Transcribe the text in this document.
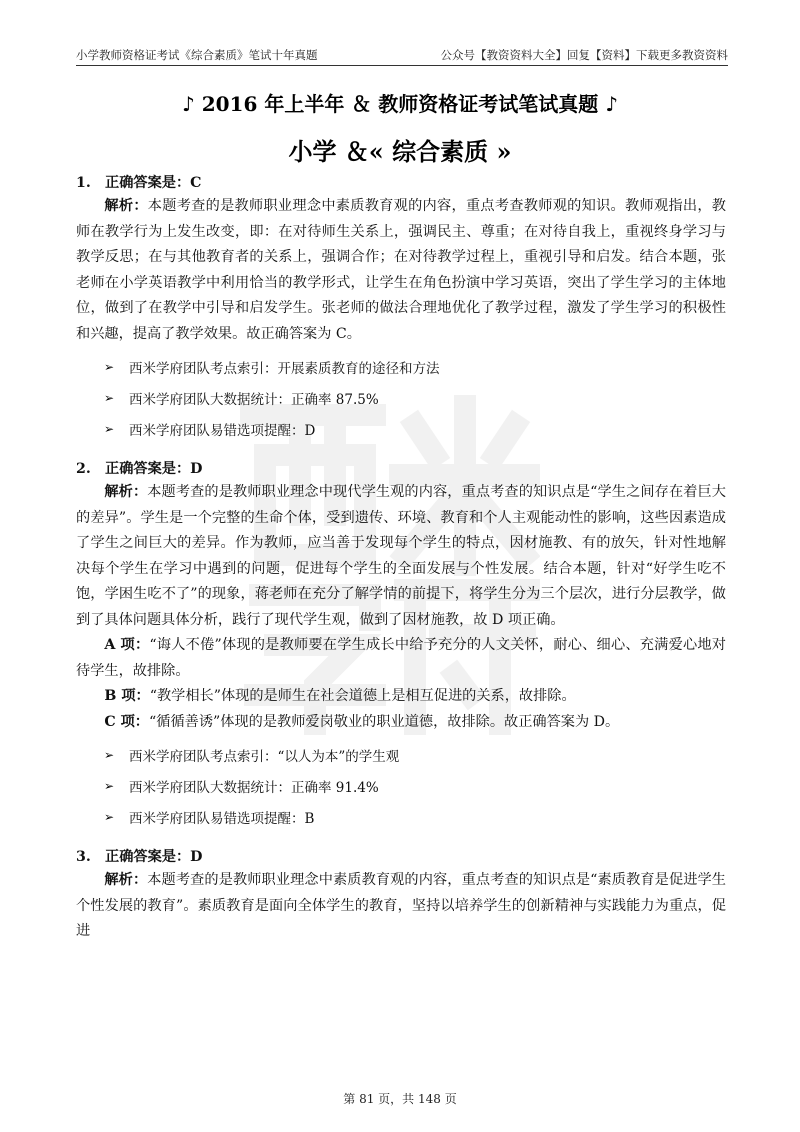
小学教师资格证考试《综合素质》笔试十年真题	公众号【教资资料大全】回复【资料】下载更多教资资料
♪ 2016 年上半年 ＆ 教师资格证考试笔试真题 ♪
小学 ＆« 综合素质 »
1. 正确答案是：C

解析：本题考查的是教师职业理念中素质教育观的内容，重点考查教师观的知识。教师观指出，教师在教学行为上发生改变，即：在对待师生关系上，强调民主、尊重；在对待自我上，重视终身学习与教学反思；在与其他教育者的关系上，强调合作；在对待教学过程上，重视引导和启发。结合本题，张老师在小学英语教学中利用恰当的教学形式，让学生在角色扮演中学习英语，突出了学生学习的主体地位，做到了在教学中引导和启发学生。张老师的做法合理地优化了教学过程，激发了学生学习的积极性和兴趣，提高了教学效果。故正确答案为 C。

➢	西米学府团队考点索引：开展素质教育的途径和方法
➢	西米学府团队大数据统计：正确率 87.5%
➢	西米学府团队易错选项提醒：D
2. 正确答案是：D

解析：本题考查的是教师职业理念中现代学生观的内容，重点考查的知识点是“学生之间存在着巨大的差异”。学生是一个完整的生命个体，受到遗传、环境、教育和个人主观能动性的影响，这些因素造成了学生之间巨大的差异。作为教师，应当善于发现每个学生的特点，因材施教、有的放矢，针对性地解决每个学生在学习中遇到的问题，促进每个学生的全面发展与个性发展。结合本题，针对“好学生吃不饱，学困生吃不了”的现象，蒋老师在充分了解学情的前提下，将学生分为三个层次，进行分层教学，做到了具体问题具体分析，践行了现代学生观，做到了因材施教，故 D 项正确。

A 项：“诲人不倦”体现的是教师要在学生成长中给予充分的人文关怀，耐心、细心、充满爱心地对待学生，故排除。

B 项：“教学相长”体现的是师生在社会道德上是相互促进的关系，故排除。

C 项：“循循善诱”体现的是教师爱岗敬业的职业道德，故排除。故正确答案为 D。

➢	西米学府团队考点索引：“以人为本”的学生观
➢	西米学府团队大数据统计：正确率 91.4%
➢	西米学府团队易错选项提醒：B
3. 正确答案是：D

解析：本题考查的是教师职业理念中素质教育观的内容，重点考查的知识点是“素质教育是促进学生个性发展的教育”。素质教育是面向全体学生的教育，坚持以培养学生的创新精神与实践能力为重点，促进

第 81 页，共 148 页
